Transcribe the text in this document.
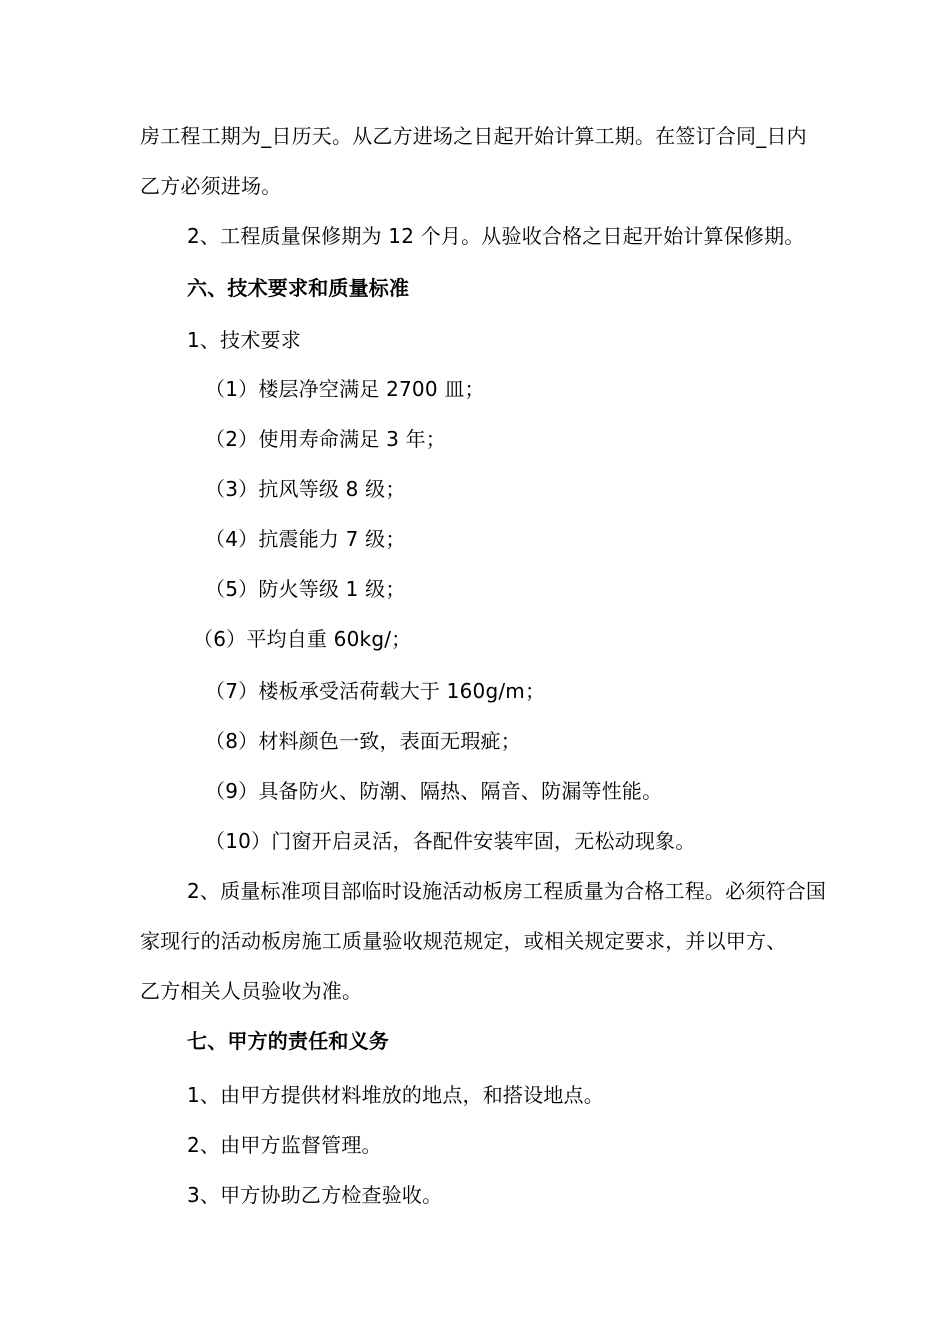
房工程工期为_日历天。从乙方进场之日起开始计算工期。在签订合同_日内
乙方必须进场。
2、工程质量保修期为 12 个月。从验收合格之日起开始计算保修期。
六、技术要求和质量标准
1、技术要求
（1）楼层净空满足 2700 皿；
（2）使用寿命满足 3 年；
（3）抗风等级 8 级；
（4）抗震能力 7 级；
（5）防火等级 1 级；
（6）平均自重 60kg/；
（7）楼板承受活荷载大于 160g/m；
（8）材料颜色一致，表面无瑕疵；
（9）具备防火、防潮、隔热、隔音、防漏等性能。
（10）门窗开启灵活，各配件安装牢固，无松动现象。
2、质量标准项目部临时设施活动板房工程质量为合格工程。必须符合国
家现行的活动板房施工质量验收规范规定，或相关规定要求，并以甲方、
乙方相关人员验收为准。
七、甲方的责任和义务
1、由甲方提供材料堆放的地点，和搭设地点。
2、由甲方监督管理。
3、甲方协助乙方检查验收。
